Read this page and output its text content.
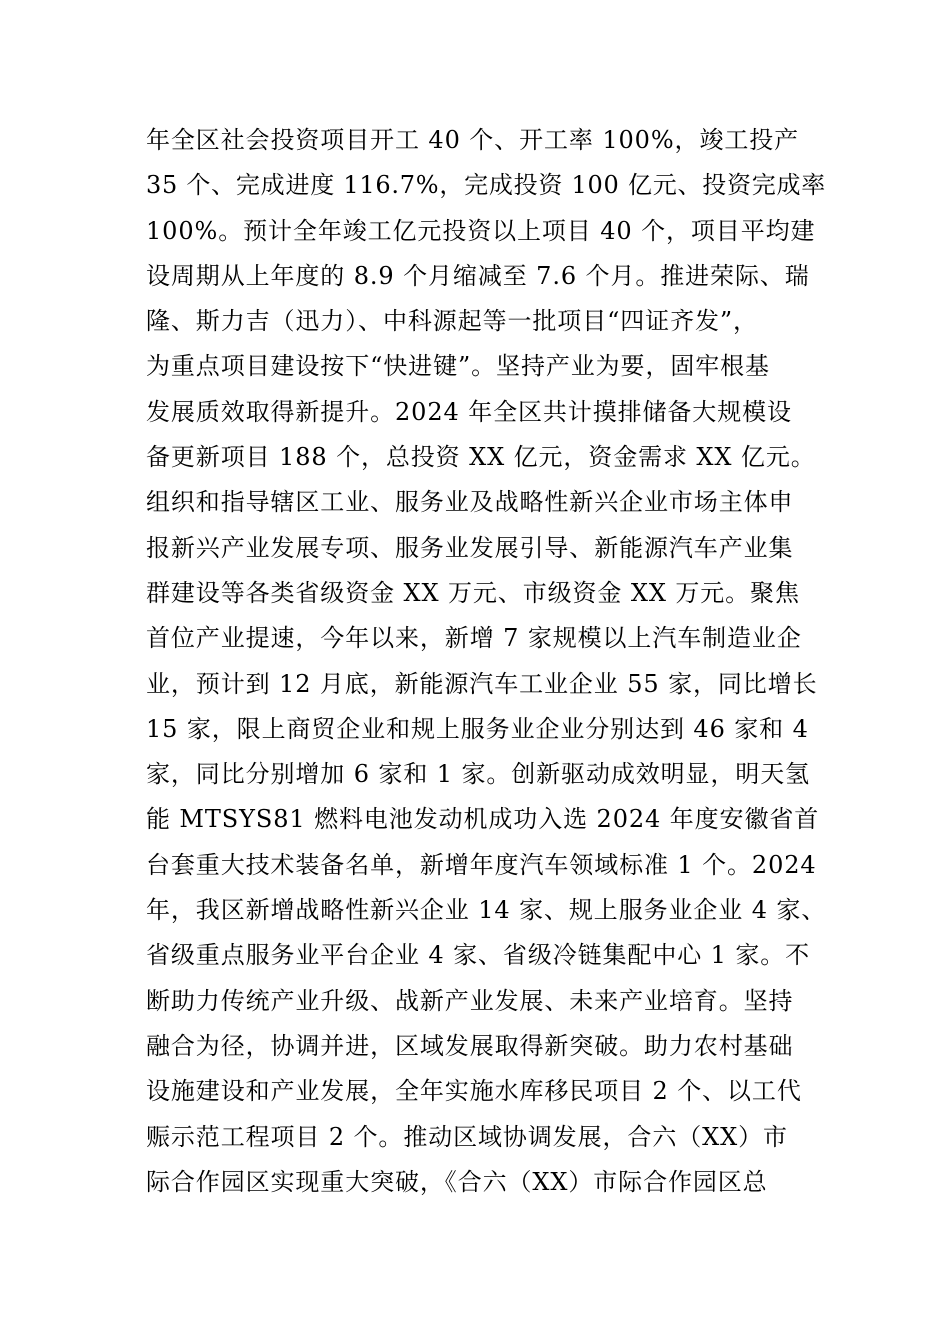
年全区社会投资项目开工 40 个、开工率 100%，竣工投产
35 个、完成进度 116.7%，完成投资 100 亿元、投资完成率
100%。预计全年竣工亿元投资以上项目 40 个，项目平均建
设周期从上年度的 8.9 个月缩减至 7.6 个月。推进荣际、瑞
隆、斯力吉（迅力）、中科源起等一批项目“四证齐发”，
为重点项目建设按下“快进键”。坚持产业为要，固牢根基
发展质效取得新提升。2024 年全区共计摸排储备大规模设
备更新项目 188 个，总投资 XX 亿元，资金需求 XX 亿元。
组织和指导辖区工业、服务业及战略性新兴企业市场主体申
报新兴产业发展专项、服务业发展引导、新能源汽车产业集
群建设等各类省级资金 XX 万元、市级资金 XX 万元。聚焦
首位产业提速，今年以来，新增 7 家规模以上汽车制造业企
业，预计到 12 月底，新能源汽车工业企业 55 家，同比增长
15 家，限上商贸企业和规上服务业企业分别达到 46 家和 4
家，同比分别增加 6 家和 1 家。创新驱动成效明显，明天氢
能 MTSYS81 燃料电池发动机成功入选 2024 年度安徽省首
台套重大技术装备名单，新增年度汽车领域标准 1 个。2024
年，我区新增战略性新兴企业 14 家、规上服务业企业 4 家、
省级重点服务业平台企业 4 家、省级冷链集配中心 1 家。不
断助力传统产业升级、战新产业发展、未来产业培育。坚持
融合为径，协调并进，区域发展取得新突破。助力农村基础
设施建设和产业发展，全年实施水库移民项目 2 个、以工代
赈示范工程项目 2 个。推动区域协调发展，合六（XX）市
际合作园区实现重大突破，《合六（XX）市际合作园区总
